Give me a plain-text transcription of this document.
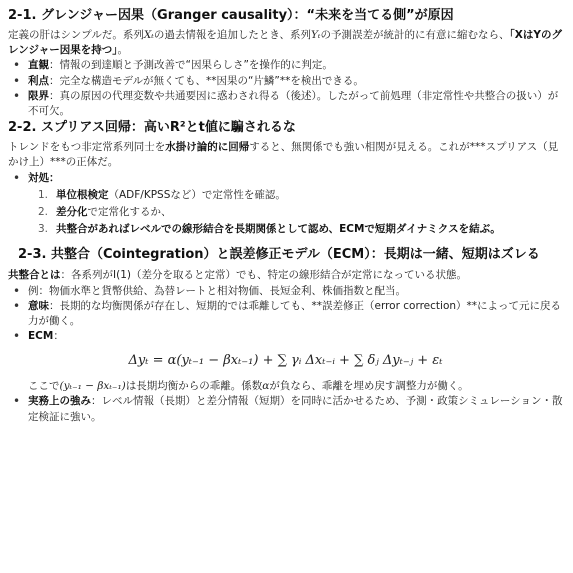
2-1. グレンジャー因果（Granger causality）：“未来を当てる側”が原因

定義の肝はシンプルだ。系列Xₜの過去情報を追加したとき、系列Yₜの予測誤差が統計的に有意に縮むなら、「XはYのグレンジャー因果を持つ」。

• 直観：情報の到達順と予測改善で“因果らしさ”を操作的に判定。
• 利点：完全な構造モデルが無くても、**因果の“片鱗”**を検出できる。
• 限界：真の原因の代理変数や共通要因に惑わされ得る（後述）。したがって前処理（非定常性や共整合の扱い）が不可欠。
2-2. スプリアス回帰：高いR²とt値に騙されるな

トレンドをもつ非定常系列同士を水掛け論的に回帰すると、無関係でも強い相関が見える。これが***スプリアス（見かけ上）***の正体だ。

• 対処：
1. 単位根検定（ADF/KPSSなど）で定常性を確認。
2. 差分化で定常化するか、
3. 共整合があればレベルでの線形結合を長期関係として認め、ECMで短期ダイナミクスを結ぶ。
2-3. 共整合（Cointegration）と誤差修正モデル（ECM）：長期は一緒、短期はズレる

共整合とは：各系列がI(1)（差分を取ると定常）でも、特定の線形結合が定常になっている状態。

• 例：物価水準と貨幣供給、為替レートと相対物価、長短金利、株価指数と配当。
• 意味：長期的な均衡関係が存在し、短期的では乖離しても、**誤差修正（error correction）**によって元に戻る力が働く。
• ECM：
Δyₜ = α(yₜ₋₁ − βxₜ₋₁) + ∑ γᵢ Δxₜ₋ᵢ + ∑ δⱼ Δyₜ₋ⱼ + εₜ

ここで(yₜ₋₁ − βxₜ₋₁)は長期均衡からの乖離。係数αが負なら、乖離を埋め戻す調整力が働く。

• 実務上の強み：レベル情報（長期）と差分情報（短期）を同時に活かせるため、予測・政策シミュレーション・散定検証に強い。
